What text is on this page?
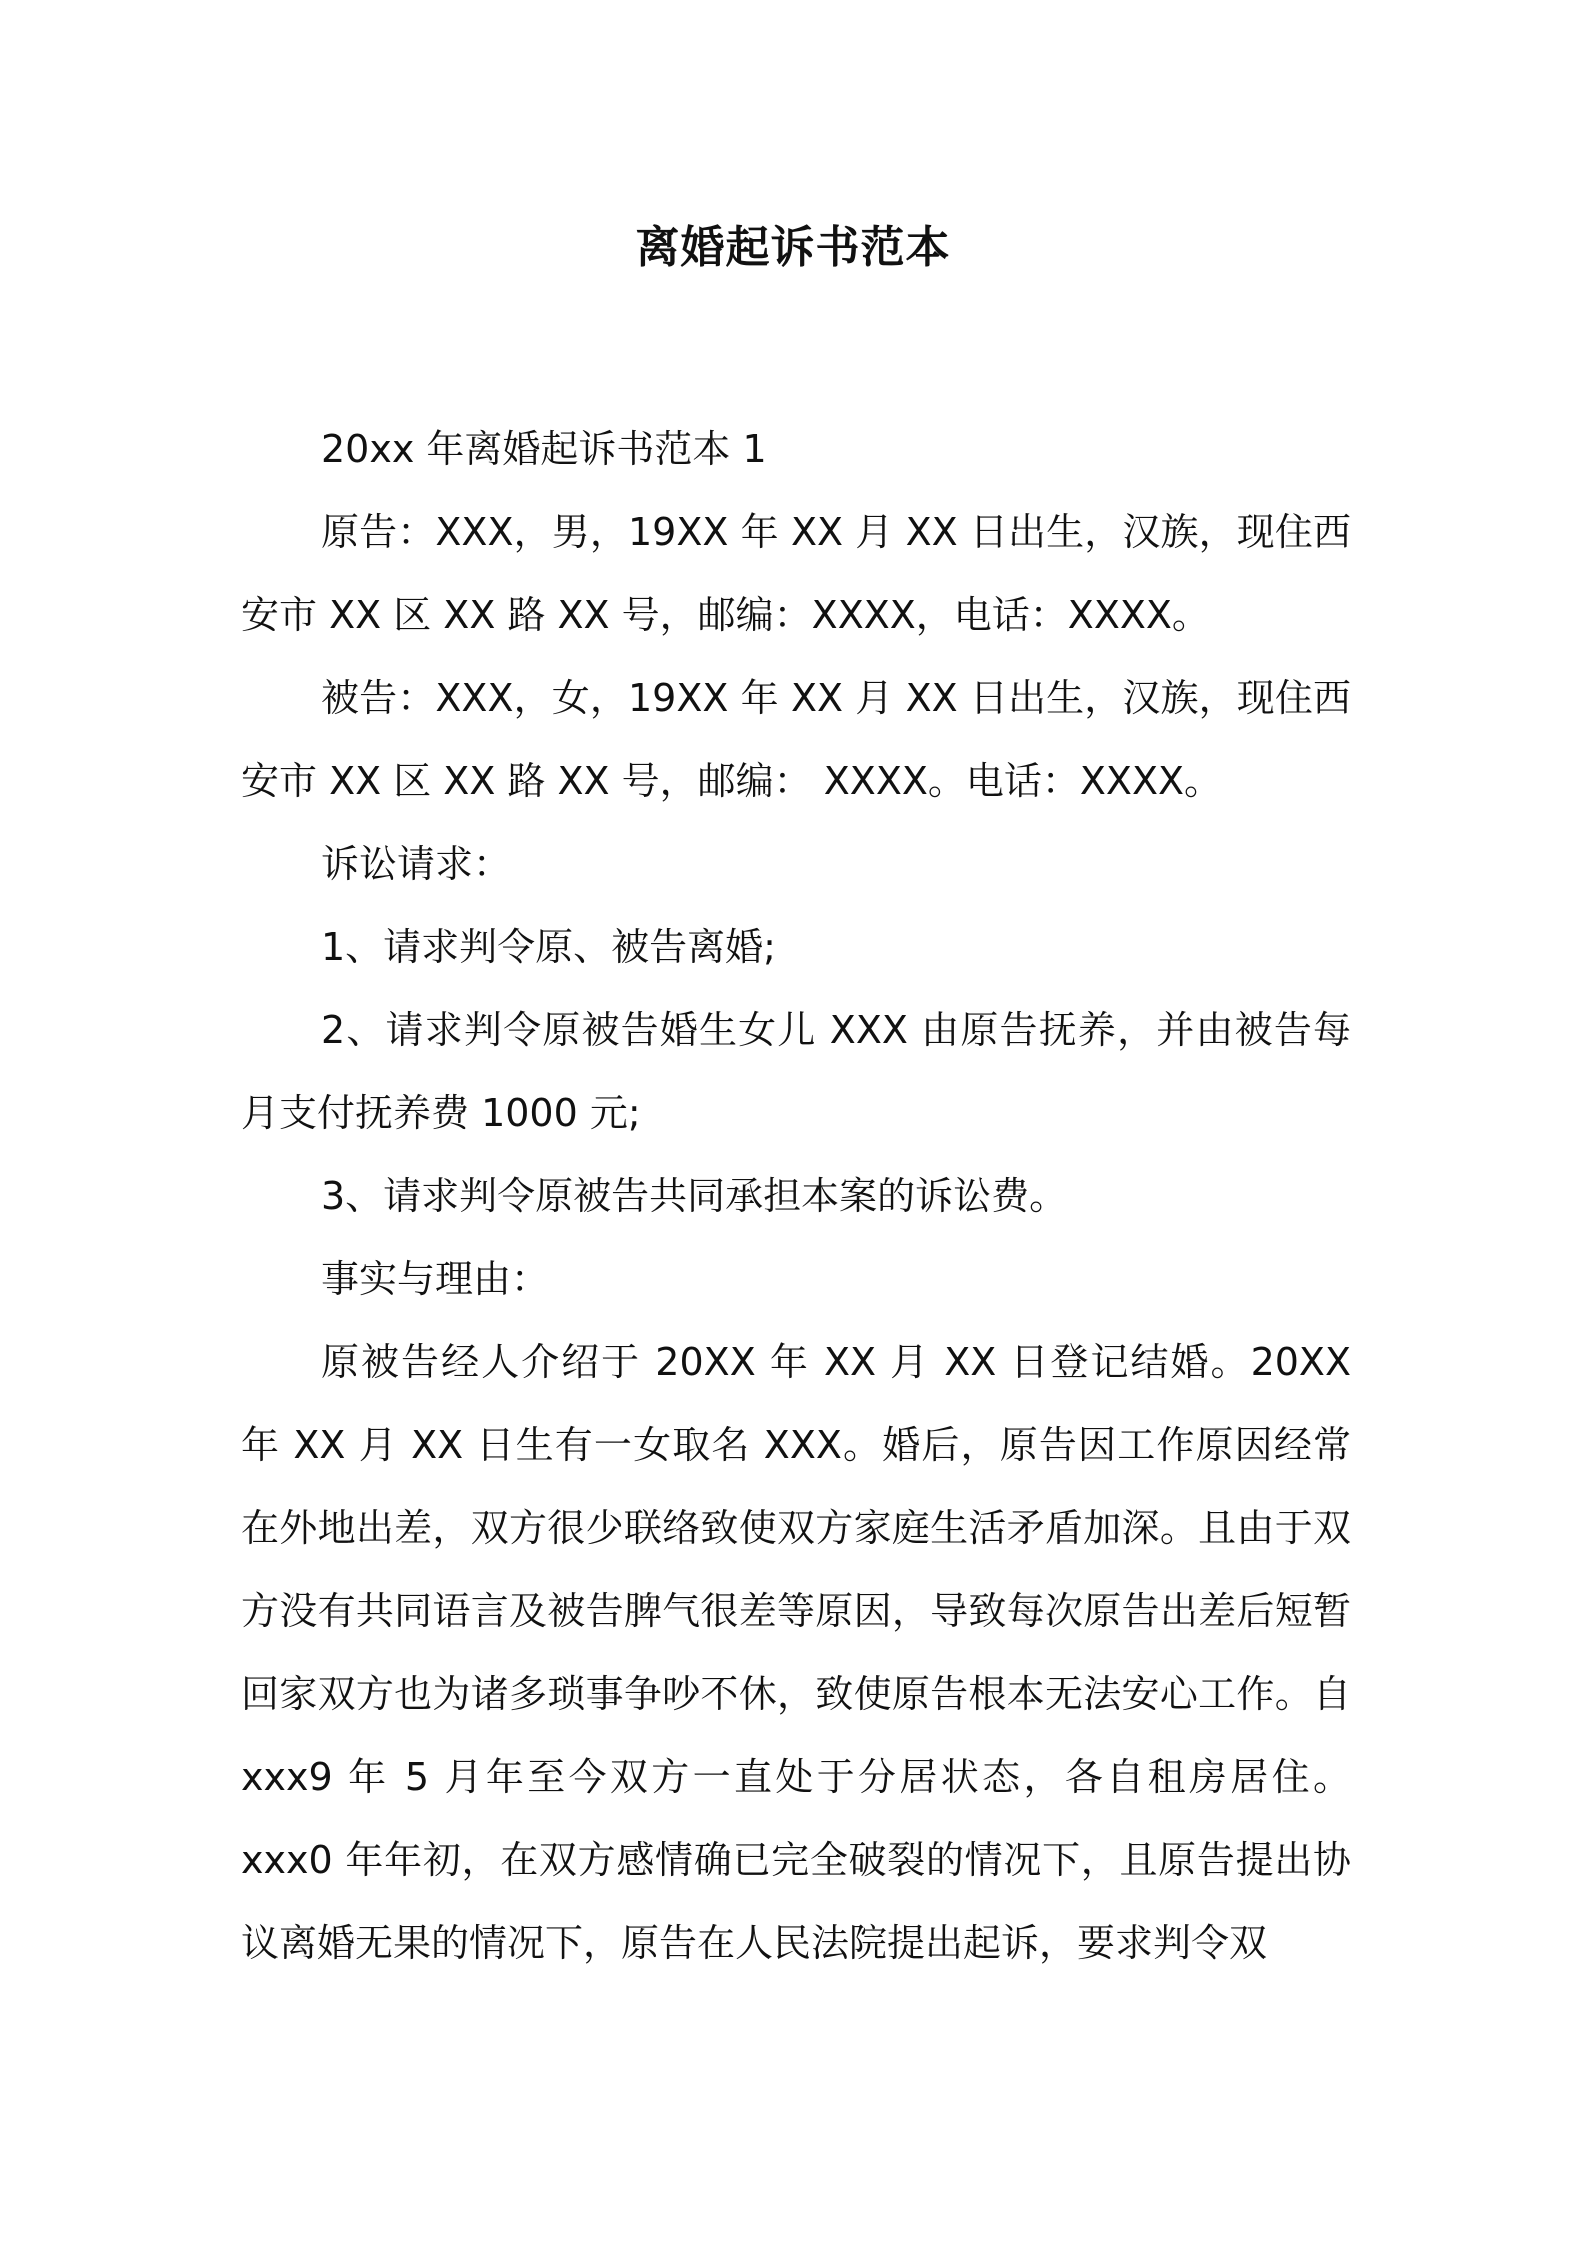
离婚起诉书范本

20xx 年离婚起诉书范本 1

原告：XXX，男，19XX 年 XX 月 XX 日出生，汉族，现住西安市 XX 区 XX 路 XX 号，邮编：XXXX，电话：XXXX。

被告：XXX，女，19XX 年 XX 月 XX 日出生，汉族，现住西安市 XX 区 XX 路 XX 号，邮编： XXXX。电话：XXXX。

诉讼请求：

1、请求判令原、被告离婚;

2、请求判令原被告婚生女儿 XXX 由原告抚养，并由被告每月支付抚养费 1000 元;

3、请求判令原被告共同承担本案的诉讼费。

事实与理由：

原被告经人介绍于 20XX 年 XX 月 XX 日登记结婚。20XX 年 XX 月 XX 日生有一女取名 XXX。婚后，原告因工作原因经常在外地出差，双方很少联络致使双方家庭生活矛盾加深。且由于双方没有共同语言及被告脾气很差等原因，导致每次原告出差后短暂回家双方也为诸多琐事争吵不休，致使原告根本无法安心工作。自 xxx9 年 5 月年至今双方一直处于分居状态，各自租房居住。xxx0 年年初，在双方感情确已完全破裂的情况下，且原告提出协议离婚无果的情况下，原告在人民法院提出起诉，要求判令双
